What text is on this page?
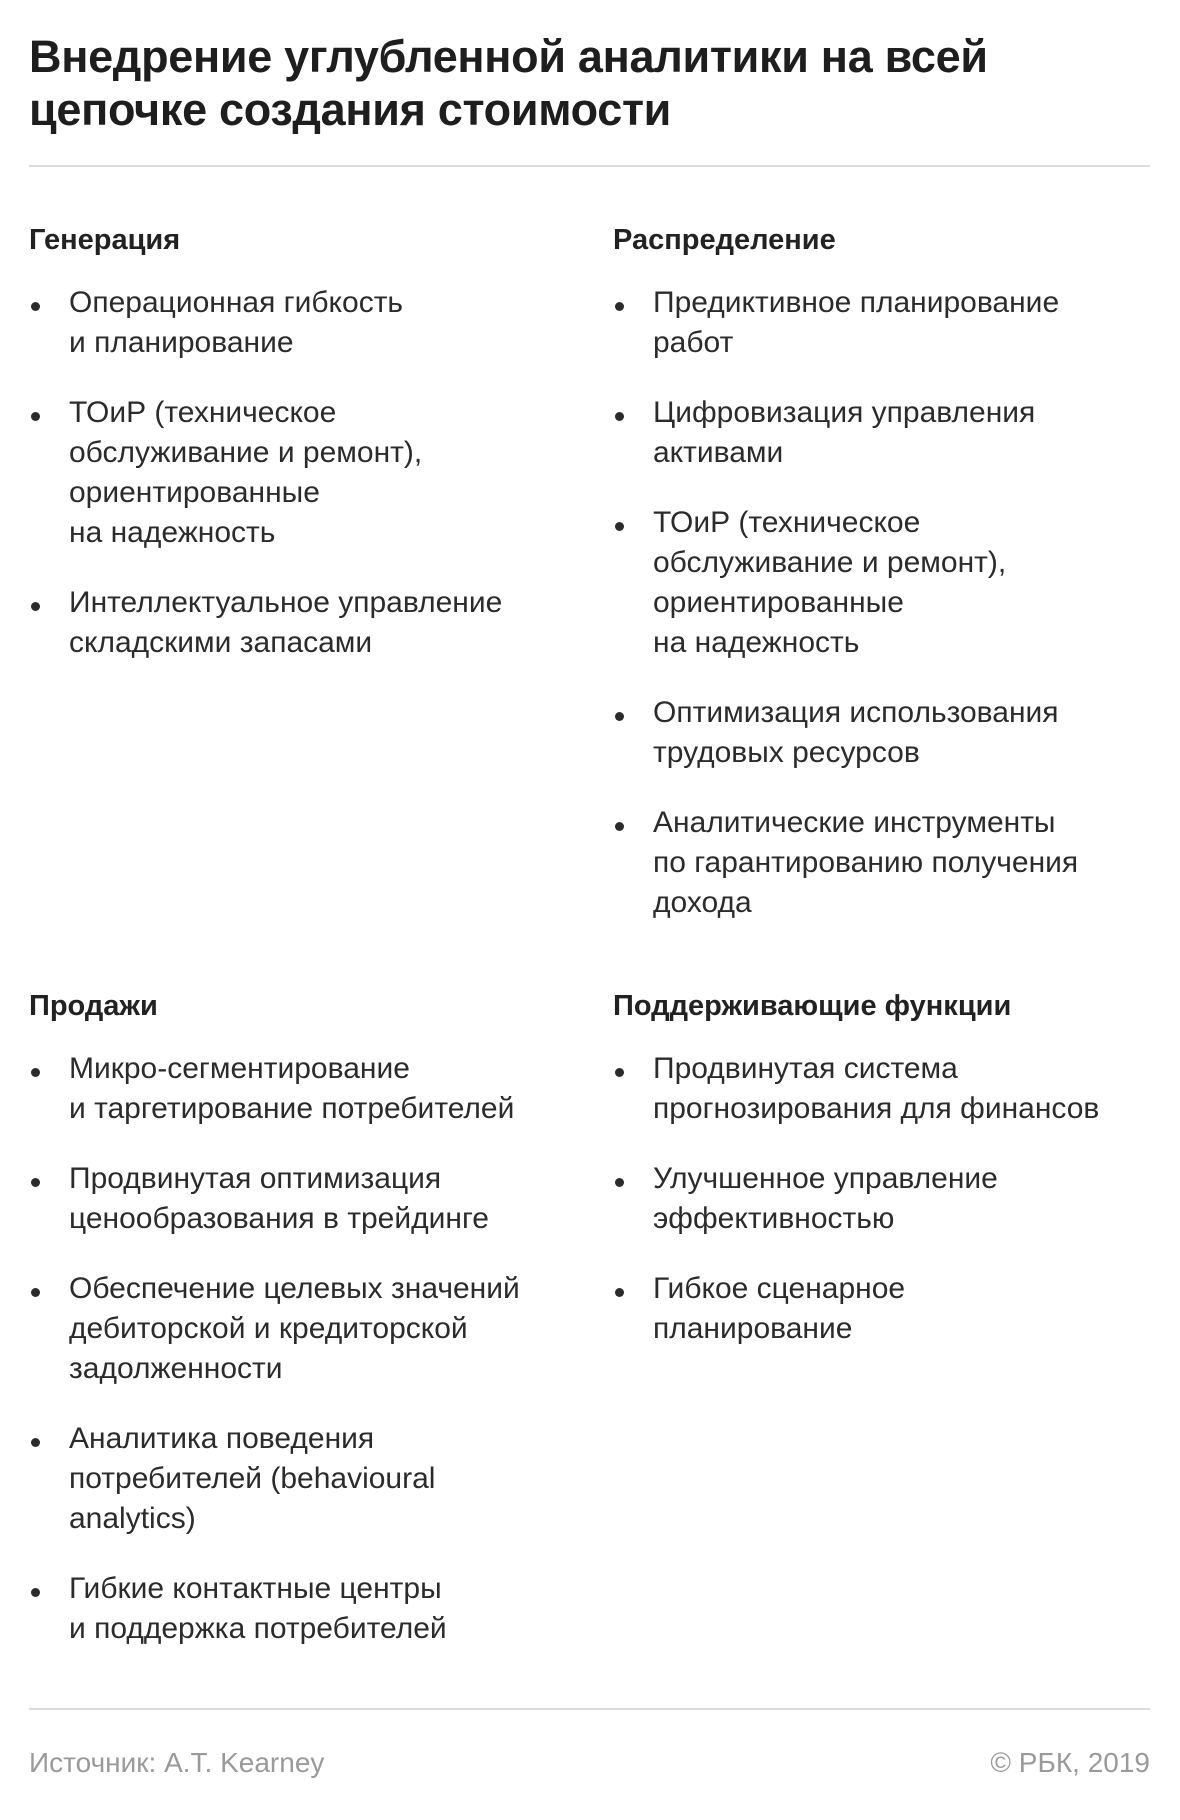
Внедрение углубленной аналитики на всей
цепочке создания стоимости
Генерация
Операционная гибкость
и планирование
ТОиР (техническое
обслуживание и ремонт),
ориентированные
на надежность
Интеллектуальное управление
складскими запасами
Распределение
Предиктивное планирование
работ
Цифровизация управления
активами
ТОиР (техническое
обслуживание и ремонт),
ориентированные
на надежность
Оптимизация использования
трудовых ресурсов
Аналитические инструменты
по гарантированию получения
дохода
Продажи
Микро-сегментирование
и таргетирование потребителей
Продвинутая оптимизация
ценообразования в трейдинге
Обеспечение целевых значений
дебиторской и кредиторской
задолженности
Аналитика поведения
потребителей (behavioural
analytics)
Гибкие контактные центры
и поддержка потребителей
Поддерживающие функции
Продвинутая система
прогнозирования для финансов
Улучшенное управление
эффективностью
Гибкое сценарное
планирование
Источник: A.T. Kearney	© РБК, 2019
